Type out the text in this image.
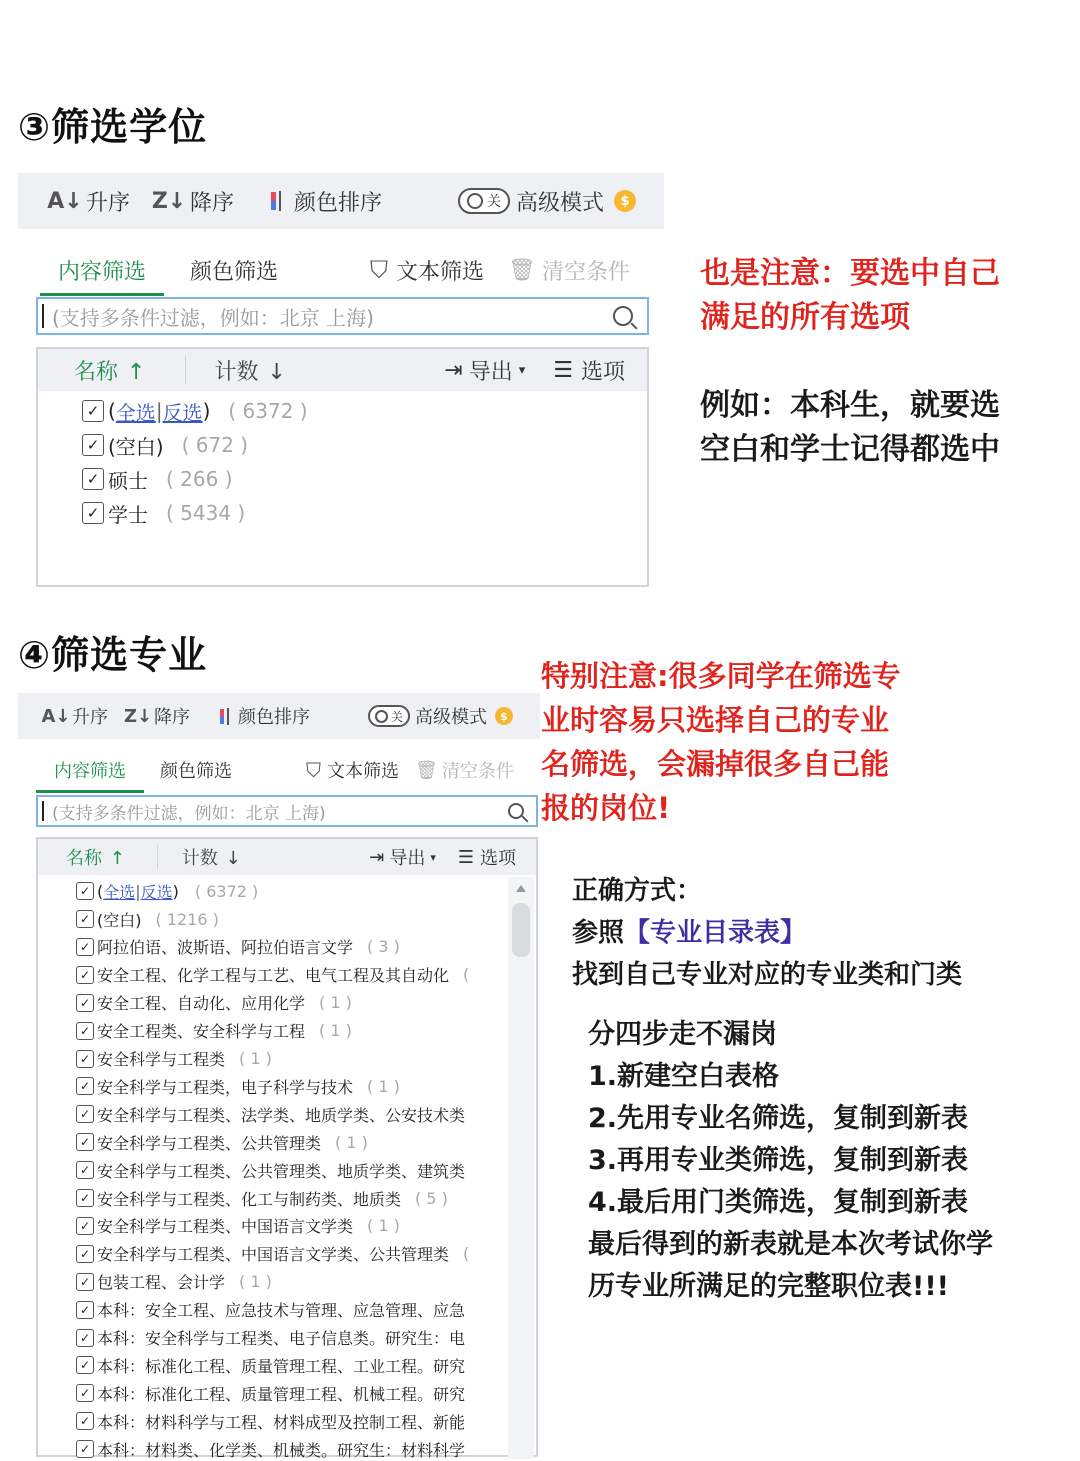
③筛选学位
A↓ 升序 Z↓ 降序	颜色排序	关 高级模式	$
内容筛选 颜色筛选	⛉ 文本筛选 🗑︎ 清空条件
(支持多条件过滤，例如：北京 上海)
名称 ↑	计数 ↓	⇥ 导出 ▾ ☰ 选项
✓ ( 全选 | 反选 ) ( 6372 )
✓ (空白) ( 672 )
✓ 硕士 ( 266 )
✓ 学士 ( 5434 )
也是注意：要选中自己
满足的所有选项
例如：本科生，就要选
空白和学士记得都选中
④筛选专业
A↓ 升序 Z↓ 降序	颜色排序	关 高级模式	$
内容筛选 颜色筛选	⛉ 文本筛选 🗑︎ 清空条件
(支持多条件过滤，例如：北京 上海)
名称 ↑	计数 ↓	⇥ 导出 ▾ ☰ 选项
✓ ( 全选 | 反选 ) ( 6372 )
✓ (空白) ( 1216 )
✓ 阿拉伯语、波斯语、阿拉伯语言文学 ( 3 )
✓ 安全工程、化学工程与工艺、电气工程及其自动化 (
✓ 安全工程、自动化、应用化学 ( 1 )
✓ 安全工程类、安全科学与工程 ( 1 )
✓ 安全科学与工程类 ( 1 )
✓ 安全科学与工程类，电子科学与技术 ( 1 )
✓ 安全科学与工程类、法学类、地质学类、公安技术类
✓ 安全科学与工程类、公共管理类 ( 1 )
✓ 安全科学与工程类、公共管理类、地质学类、建筑类
✓ 安全科学与工程类、化工与制药类、地质类 ( 5 )
✓ 安全科学与工程类、中国语言文学类 ( 1 )
✓ 安全科学与工程类、中国语言文学类、公共管理类 (
✓ 包装工程、会计学 ( 1 )
✓ 本科：安全工程、应急技术与管理、应急管理、应急
✓ 本科：安全科学与工程类、电子信息类。研究生：电
✓ 本科：标准化工程、质量管理工程、工业工程。研究
✓ 本科：标准化工程、质量管理工程、机械工程。研究
✓ 本科：材料科学与工程、材料成型及控制工程、新能
✓ 本科：材料类、化学类、机械类。研究生：材料科学
特别注意:很多同学在筛选专
业时容易只选择自己的专业
名筛选，会漏掉很多自己能
报的岗位!
正确方式：
参照【专业目录表】
找到自己专业对应的专业类和门类
分四步走不漏岗
1.新建空白表格
2.先用专业名筛选，复制到新表
3.再用专业类筛选，复制到新表
4.最后用门类筛选，复制到新表
最后得到的新表就是本次考试你学
历专业所满足的完整职位表!!!
